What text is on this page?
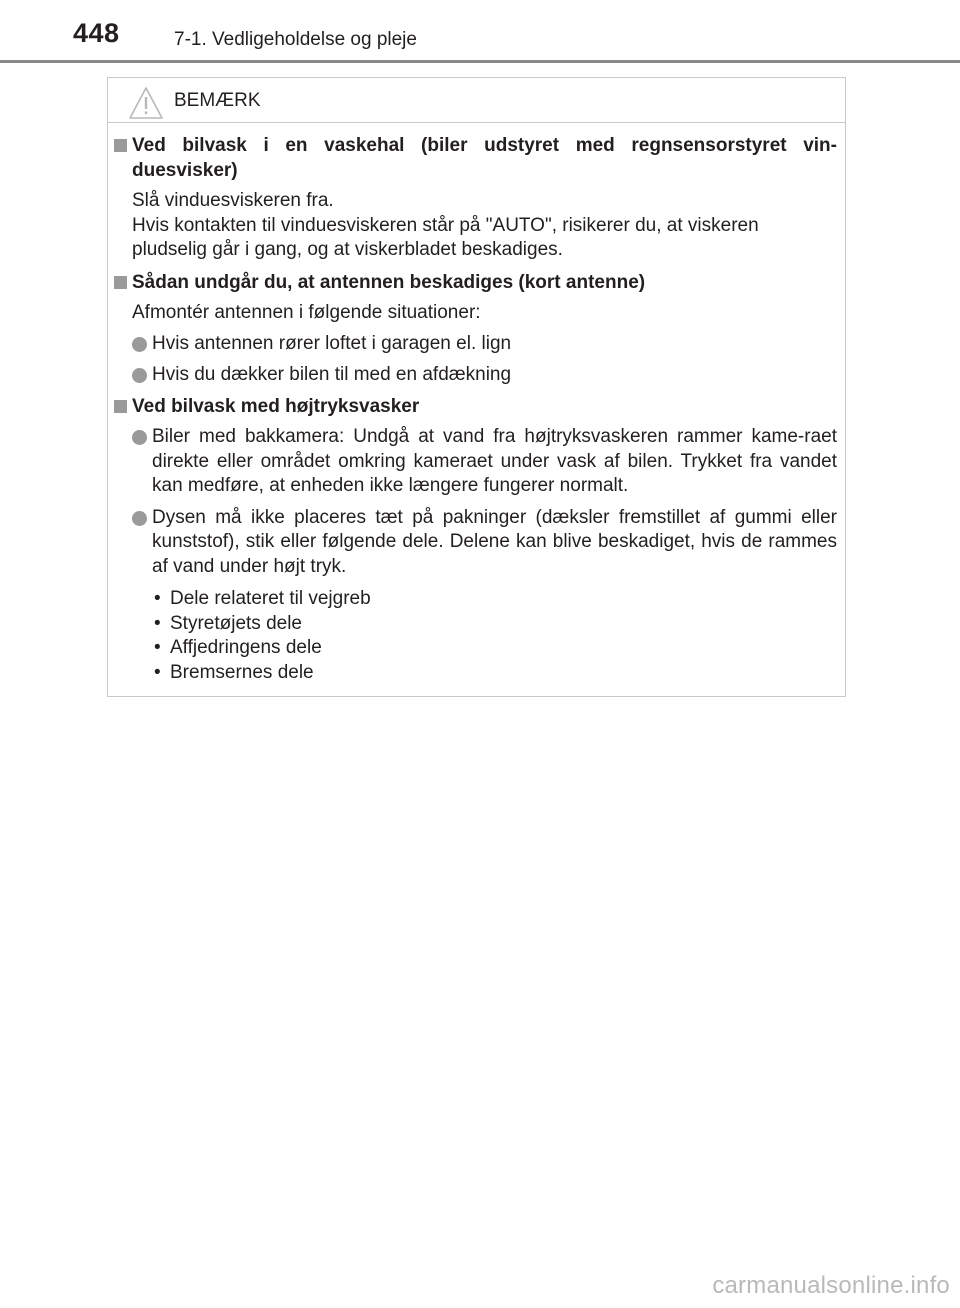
448	7-1. Vedligeholdelse og pleje
BEMÆRK
Ved bilvask i en vaskehal (biler udstyret med regnsensorstyret vin-duesvisker)
Slå vinduesviskeren fra.
Hvis kontakten til vinduesviskeren står på "AUTO", risikerer du, at viskeren pludselig går i gang, og at viskerbladet beskadiges.
Sådan undgår du, at antennen beskadiges (kort antenne)
Afmontér antennen i følgende situationer:
Hvis antennen rører loftet i garagen el. lign
Hvis du dækker bilen til med en afdækning
Ved bilvask med højtryksvasker
Biler med bakkamera: Undgå at vand fra højtryksvaskeren rammer kame-raet direkte eller området omkring kameraet under vask af bilen. Trykket fra vandet kan medføre, at enheden ikke længere fungerer normalt.
Dysen må ikke placeres tæt på pakninger (dæksler fremstillet af gummi eller kunststof), stik eller følgende dele. Delene kan blive beskadiget, hvis de rammes af vand under højt tryk.
• Dele relateret til vejgreb
• Styretøjets dele
• Affjedringens dele
• Bremsernes dele
carmanualsonline.info
